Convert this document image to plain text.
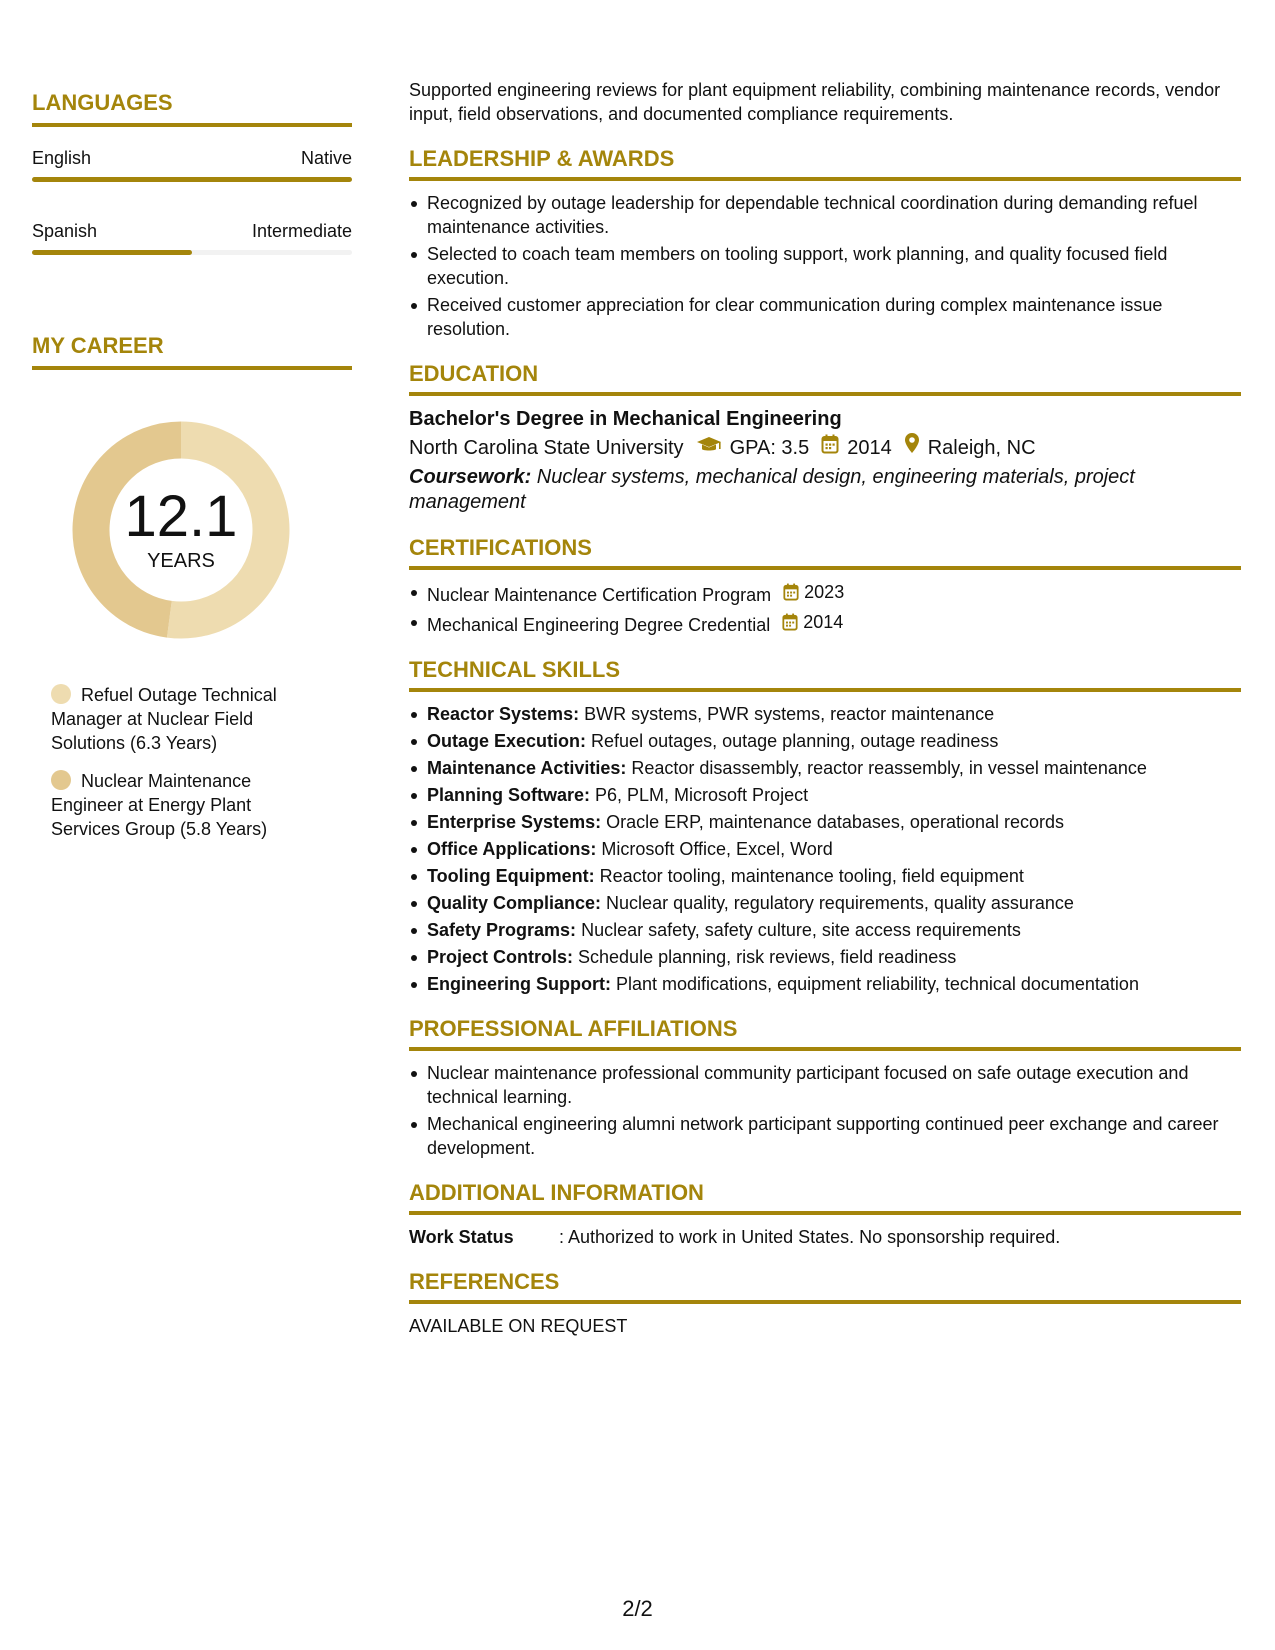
LANGUAGES
English	Native
Spanish	Intermediate
MY CAREER
12.1
YEARS
Refuel Outage Technical Manager at Nuclear Field Solutions (6.3 Years)
Nuclear Maintenance Engineer at Energy Plant Services Group (5.8 Years)

Supported engineering reviews for plant equipment reliability, combining maintenance records, vendor input, field observations, and documented compliance requirements.

LEADERSHIP & AWARDS
Recognized by outage leadership for dependable technical coordination during demanding refuel maintenance activities.
Selected to coach team members on tooling support, work planning, and quality focused field execution.
Received customer appreciation for clear communication during complex maintenance issue resolution.
EDUCATION
Bachelor's Degree in Mechanical Engineering
North Carolina State University GPA: 3.5 2014 Raleigh, NC
Coursework: Nuclear systems, mechanical design, engineering materials, project management
CERTIFICATIONS
Nuclear Maintenance Certification Program 2023
Mechanical Engineering Degree Credential 2014
TECHNICAL SKILLS
Reactor Systems: BWR systems, PWR systems, reactor maintenance
Outage Execution: Refuel outages, outage planning, outage readiness
Maintenance Activities: Reactor disassembly, reactor reassembly, in vessel maintenance
Planning Software: P6, PLM, Microsoft Project
Enterprise Systems: Oracle ERP, maintenance databases, operational records
Office Applications: Microsoft Office, Excel, Word
Tooling Equipment: Reactor tooling, maintenance tooling, field equipment
Quality Compliance: Nuclear quality, regulatory requirements, quality assurance
Safety Programs: Nuclear safety, safety culture, site access requirements
Project Controls: Schedule planning, risk reviews, field readiness
Engineering Support: Plant modifications, equipment reliability, technical documentation
PROFESSIONAL AFFILIATIONS
Nuclear maintenance professional community participant focused on safe outage execution and technical learning.
Mechanical engineering alumni network participant supporting continued peer exchange and career development.
ADDITIONAL INFORMATION
Work Status	: Authorized to work in United States. No sponsorship required.
REFERENCES
AVAILABLE ON REQUEST
2/2
